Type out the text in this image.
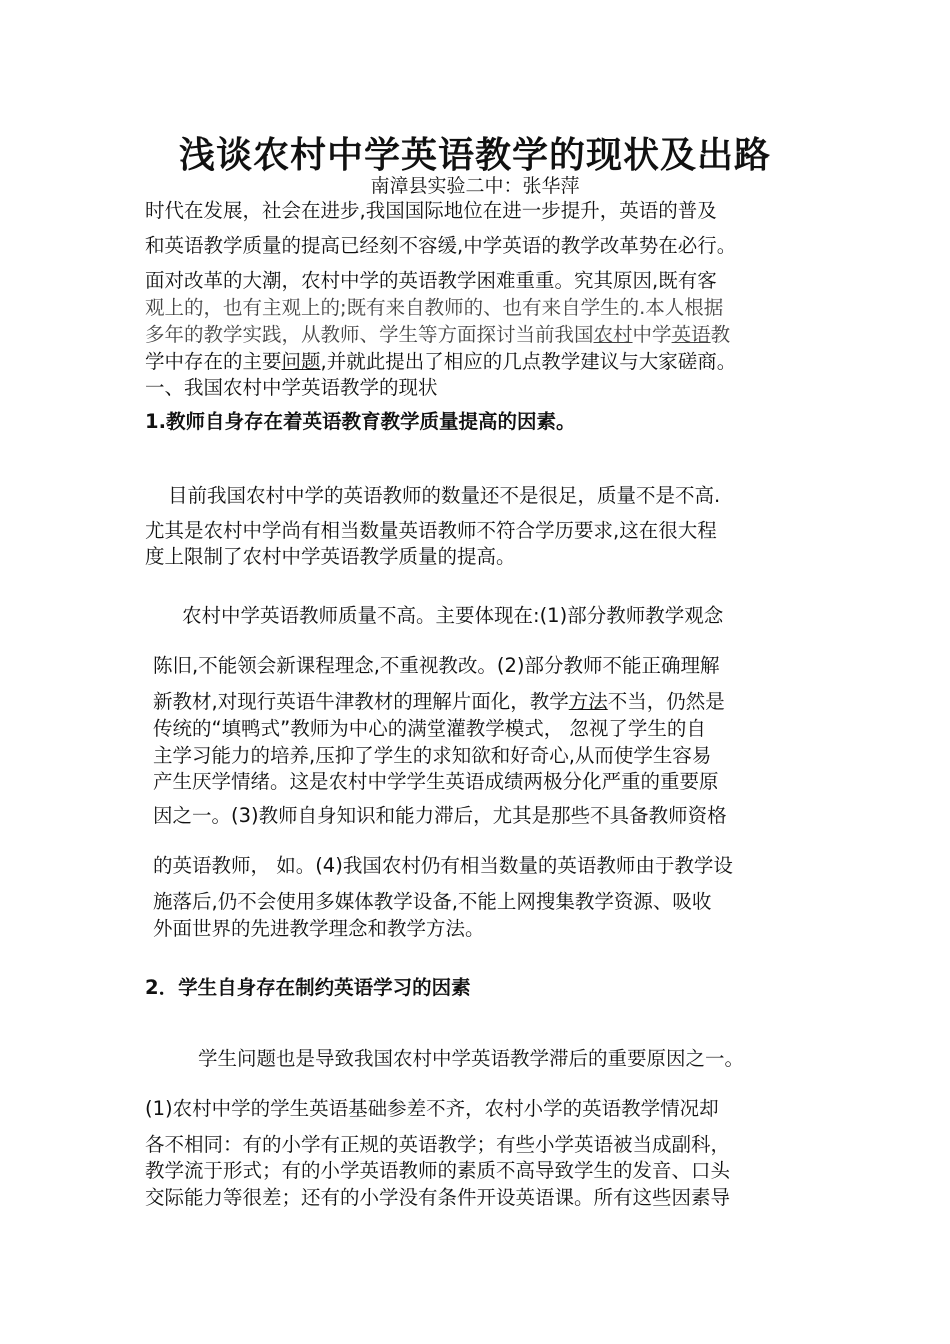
浅谈农村中学英语教学的现状及出路
南漳县实验二中：张华萍
时代在发展，社会在进步,我国国际地位在进一步提升，英语的普及
和英语教学质量的提高已经刻不容缓,中学英语的教学改革势在必行。
面对改革的大潮，农村中学的英语教学困难重重。究其原因,既有客
观上的，也有主观上的;既有来自教师的、也有来自学生的.本人根据
多年的教学实践，从教师、学生等方面探讨当前我国农村中学英语教
学中存在的主要问题,并就此提出了相应的几点教学建议与大家磋商。
一、我国农村中学英语教学的现状
1.教师自身存在着英语教育教学质量提高的因素。
目前我国农村中学的英语教师的数量还不是很足，质量不是不高.
尤其是农村中学尚有相当数量英语教师不符合学历要求,这在很大程
度上限制了农村中学英语教学质量的提高。
农村中学英语教师质量不高。主要体现在:(1)部分教师教学观念
陈旧,不能领会新课程理念,不重视教改。(2)部分教师不能正确理解
新教材,对现行英语牛津教材的理解片面化，教学方法不当，仍然是
传统的“填鸭式”教师为中心的满堂灌教学模式， 忽视了学生的自
主学习能力的培养,压抑了学生的求知欲和好奇心,从而使学生容易
产生厌学情绪。这是农村中学学生英语成绩两极分化严重的重要原
因之一。(3)教师自身知识和能力滞后，尤其是那些不具备教师资格
的英语教师， 如。(4)我国农村仍有相当数量的英语教师由于教学设
施落后,仍不会使用多媒体教学设备,不能上网搜集教学资源、吸收
外面世界的先进教学理念和教学方法。
2．学生自身存在制约英语学习的因素
学生问题也是导致我国农村中学英语教学滞后的重要原因之一。
(1)农村中学的学生英语基础参差不齐，农村小学的英语教学情况却
各不相同：有的小学有正规的英语教学；有些小学英语被当成副科，
教学流于形式；有的小学英语教师的素质不高导致学生的发音、口头
交际能力等很差；还有的小学没有条件开设英语课。所有这些因素导
